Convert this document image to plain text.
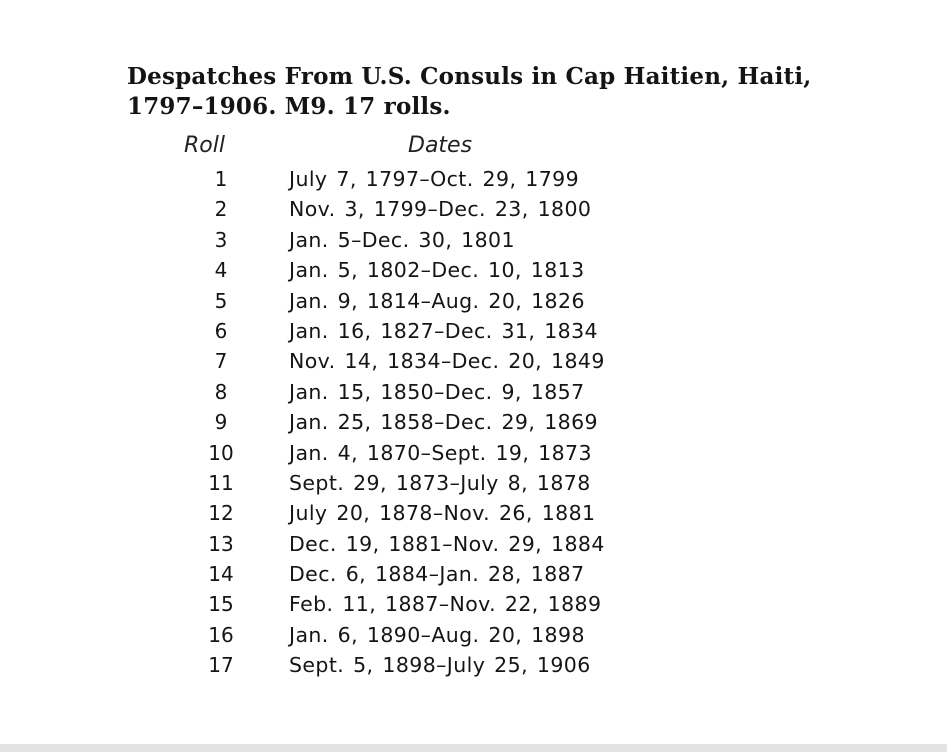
Despatches From U.S. Consuls in Cap Haitien, Haiti,
1797–1906. M9. 17 rolls.
Roll	Dates
1	July 7, 1797–Oct. 29, 1799
2	Nov. 3, 1799–Dec. 23, 1800
3	Jan. 5–Dec. 30, 1801
4	Jan. 5, 1802–Dec. 10, 1813
5	Jan. 9, 1814–Aug. 20, 1826
6	Jan. 16, 1827–Dec. 31, 1834
7	Nov. 14, 1834–Dec. 20, 1849
8	Jan. 15, 1850–Dec. 9, 1857
9	Jan. 25, 1858–Dec. 29, 1869
10	Jan. 4, 1870–Sept. 19, 1873
11	Sept. 29, 1873–July 8, 1878
12	July 20, 1878–Nov. 26, 1881
13	Dec. 19, 1881–Nov. 29, 1884
14	Dec. 6, 1884–Jan. 28, 1887
15	Feb. 11, 1887–Nov. 22, 1889
16	Jan. 6, 1890–Aug. 20, 1898
17	Sept. 5, 1898–July 25, 1906
